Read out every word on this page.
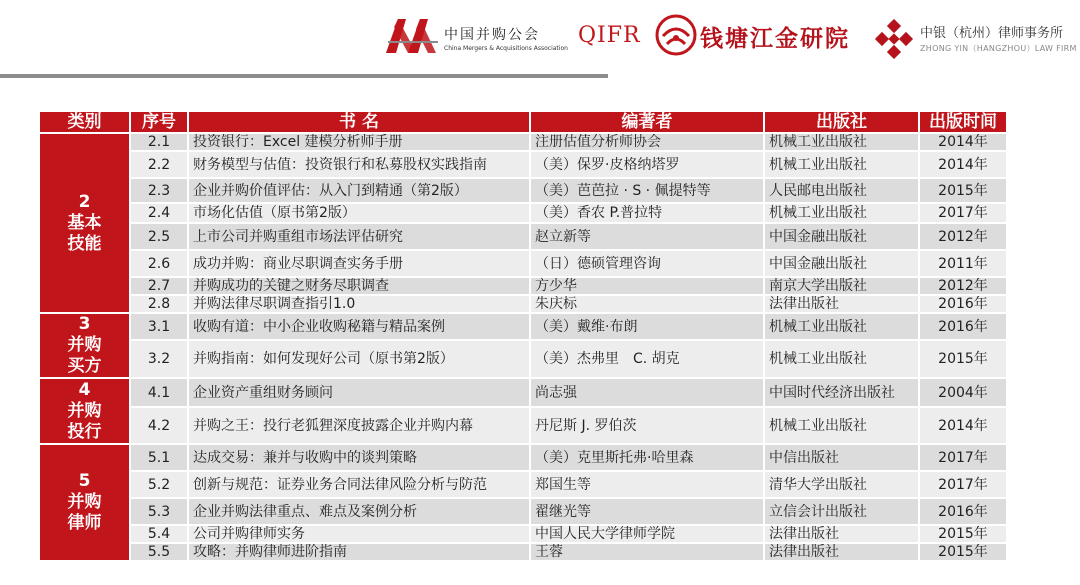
中国并购公会
China Mergers & Acquisitions Association
QIFR	钱塘江金研院	中银（杭州）律师事务所
ZHONG YIN（HANGZHOU）LAW FIRM
类别	序号	书 名	编著者	出版社	出版时间

2
基本
技能	2.1	投资银行：Excel 建模分析师手册	注册估值分析师协会	机械工业出版社	2014年
	2.2	财务模型与估值：投资银行和私募股权实践指南	（美）保罗·皮格纳塔罗	机械工业出版社	2014年
	2.3	企业并购价值评估：从入门到精通（第2版）	（美）芭芭拉 · S · 佩提特等	人民邮电出版社	2015年
	2.4	市场化估值（原书第2版）	（美）香农 P.普拉特	机械工业出版社	2017年
	2.5	上市公司并购重组市场法评估研究	赵立新等	中国金融出版社	2012年
	2.6	成功并购：商业尽职调查实务手册	（日）德硕管理咨询	中国金融出版社	2011年
	2.7	并购成功的关键之财务尽职调查	方少华	南京大学出版社	2012年
	2.8	并购法律尽职调查指引1.0	朱庆标	法律出版社	2016年

3
并购
买方	3.1	收购有道：中小企业收购秘籍与精品案例	（美）戴维·布朗	机械工业出版社	2016年
	3.2	并购指南：如何发现好公司（原书第2版）	（美）杰弗里　C. 胡克	机械工业出版社	2015年

4
并购
投行	4.1	企业资产重组财务顾问	尚志强	中国时代经济出版社	2004年
	4.2	并购之王：投行老狐狸深度披露企业并购内幕	丹尼斯 J. 罗伯茨	机械工业出版社	2014年

5
并购
律师	5.1	达成交易：兼并与收购中的谈判策略	（美）克里斯托弗·哈里森	中信出版社	2017年
	5.2	创新与规范：证券业务合同法律风险分析与防范	郑国生等	清华大学出版社	2017年
	5.3	企业并购法律重点、难点及案例分析	翟继光等	立信会计出版社	2016年
	5.4	公司并购律师实务	中国人民大学律师学院	法律出版社	2015年
	5.5	攻略：并购律师进阶指南	王蓉	法律出版社	2015年
